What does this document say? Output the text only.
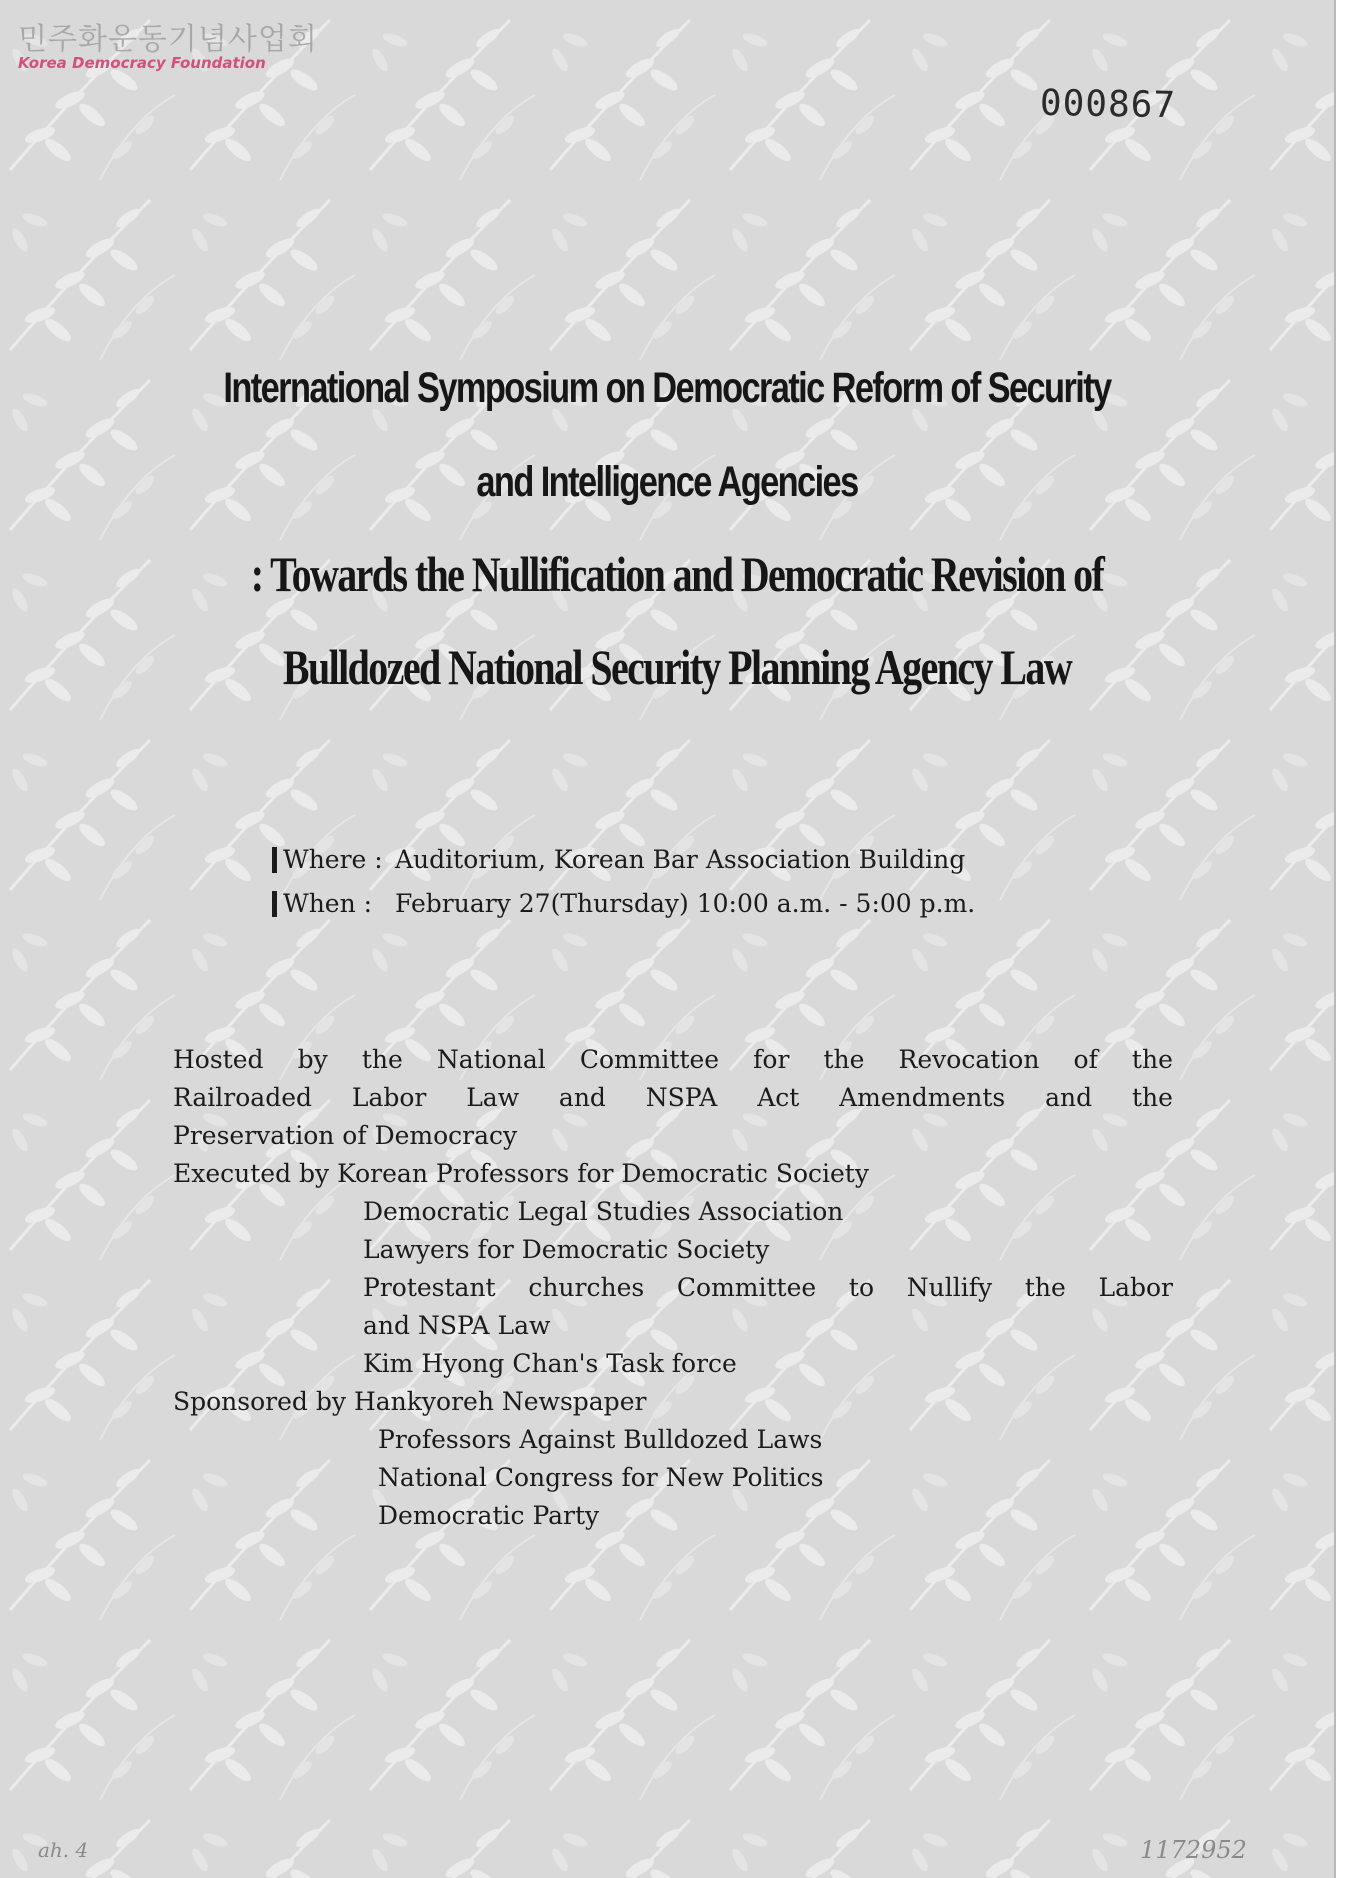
민주화운동기념사업회
Korea Democracy Foundation
000867
International Symposium on Democratic Reform of Security
and Intelligence Agencies
: Towards the Nullification and Democratic Revision of
Bulldozed National Security Planning Agency Law
Where : Auditorium, Korean Bar Association Building
When : February 27(Thursday) 10:00 a.m. - 5:00 p.m.
Hosted by the National Committee for the Revocation of the
Railroaded Labor Law and NSPA Act Amendments and the
Preservation of Democracy
Executed by Korean Professors for Democratic Society
Democratic Legal Studies Association
Lawyers for Democratic Society
Protestant churches Committee to Nullify the Labor
and NSPA Law
Kim Hyong Chan's Task force
Sponsored by Hankyoreh Newspaper
Professors Against Bulldozed Laws
National Congress for New Politics
Democratic Party
ah. 4	1172952
